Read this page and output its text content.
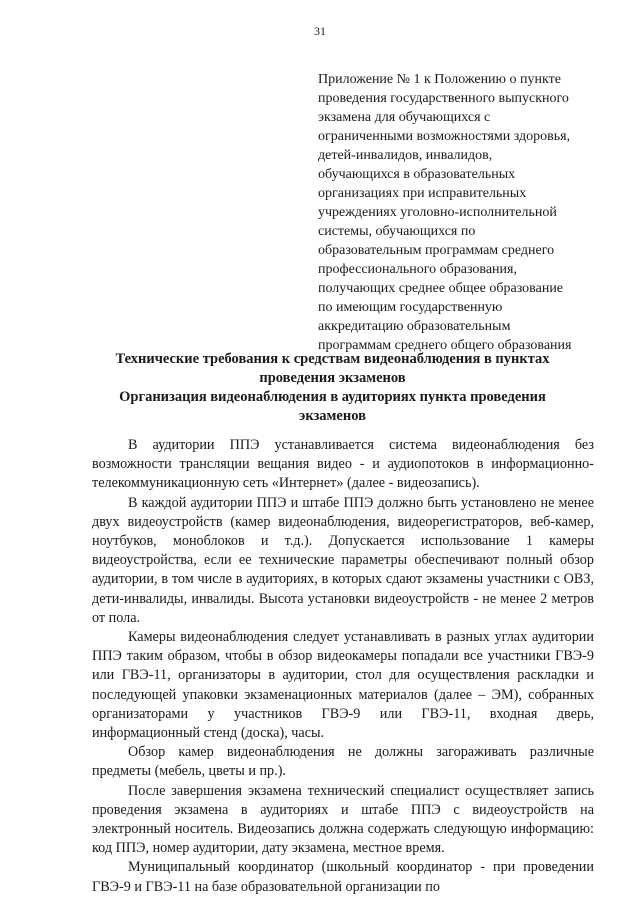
31
Приложение № 1 к Положению о пункте
проведения государственного выпускного
экзамена для обучающихся с
ограниченными возможностями здоровья,
детей-инвалидов, инвалидов,
обучающихся в образовательных
организациях при исправительных
учреждениях уголовно-исполнительной
системы, обучающихся по
образовательным программам среднего
профессионального образования,
получающих среднее общее образование
по имеющим государственную
аккредитацию образовательным
программам среднего общего образования
Технические требования к средствам видеонаблюдения в пунктах
проведения экзаменов
Организация видеонаблюдения в аудиториях пункта проведения
экзаменов

В аудитории ППЭ устанавливается система видеонаблюдения без возможности трансляции вещания видео - и аудиопотоков в информационно-телекоммуникационную сеть «Интернет» (далее - видеозапись).

В каждой аудитории ППЭ и штабе ППЭ должно быть установлено не менее двух видеоустройств (камер видеонаблюдения, видеорегистраторов, веб-камер, ноутбуков, моноблоков и т.д.). Допускается использование 1 камеры видеоустройства, если ее технические параметры обеспечивают полный обзор аудитории, в том числе в аудиториях, в которых сдают экзамены участники с ОВЗ, дети-инвалиды, инвалиды. Высота установки видеоустройств - не менее 2 метров от пола.

Камеры видеонаблюдения следует устанавливать в разных углах аудитории ППЭ таким образом, чтобы в обзор видеокамеры попадали все участники ГВЭ-9 или ГВЭ-11, организаторы в аудитории, стол для осуществления раскладки и последующей упаковки экзаменационных материалов (далее – ЭМ), собранных организаторами у участников ГВЭ-9 или ГВЭ-11, входная дверь, информационный стенд (доска), часы.

Обзор камер видеонаблюдения не должны загораживать различные предметы (мебель, цветы и пр.).

После завершения экзамена технический специалист осуществляет запись проведения экзамена в аудиториях и штабе ППЭ с видеоустройств на электронный носитель. Видеозапись должна содержать следующую информацию: код ППЭ, номер аудитории, дату экзамена, местное время.

Муниципальный координатор (школьный координатор - при проведении ГВЭ-9 и ГВЭ-11 на базе образовательной организации по
